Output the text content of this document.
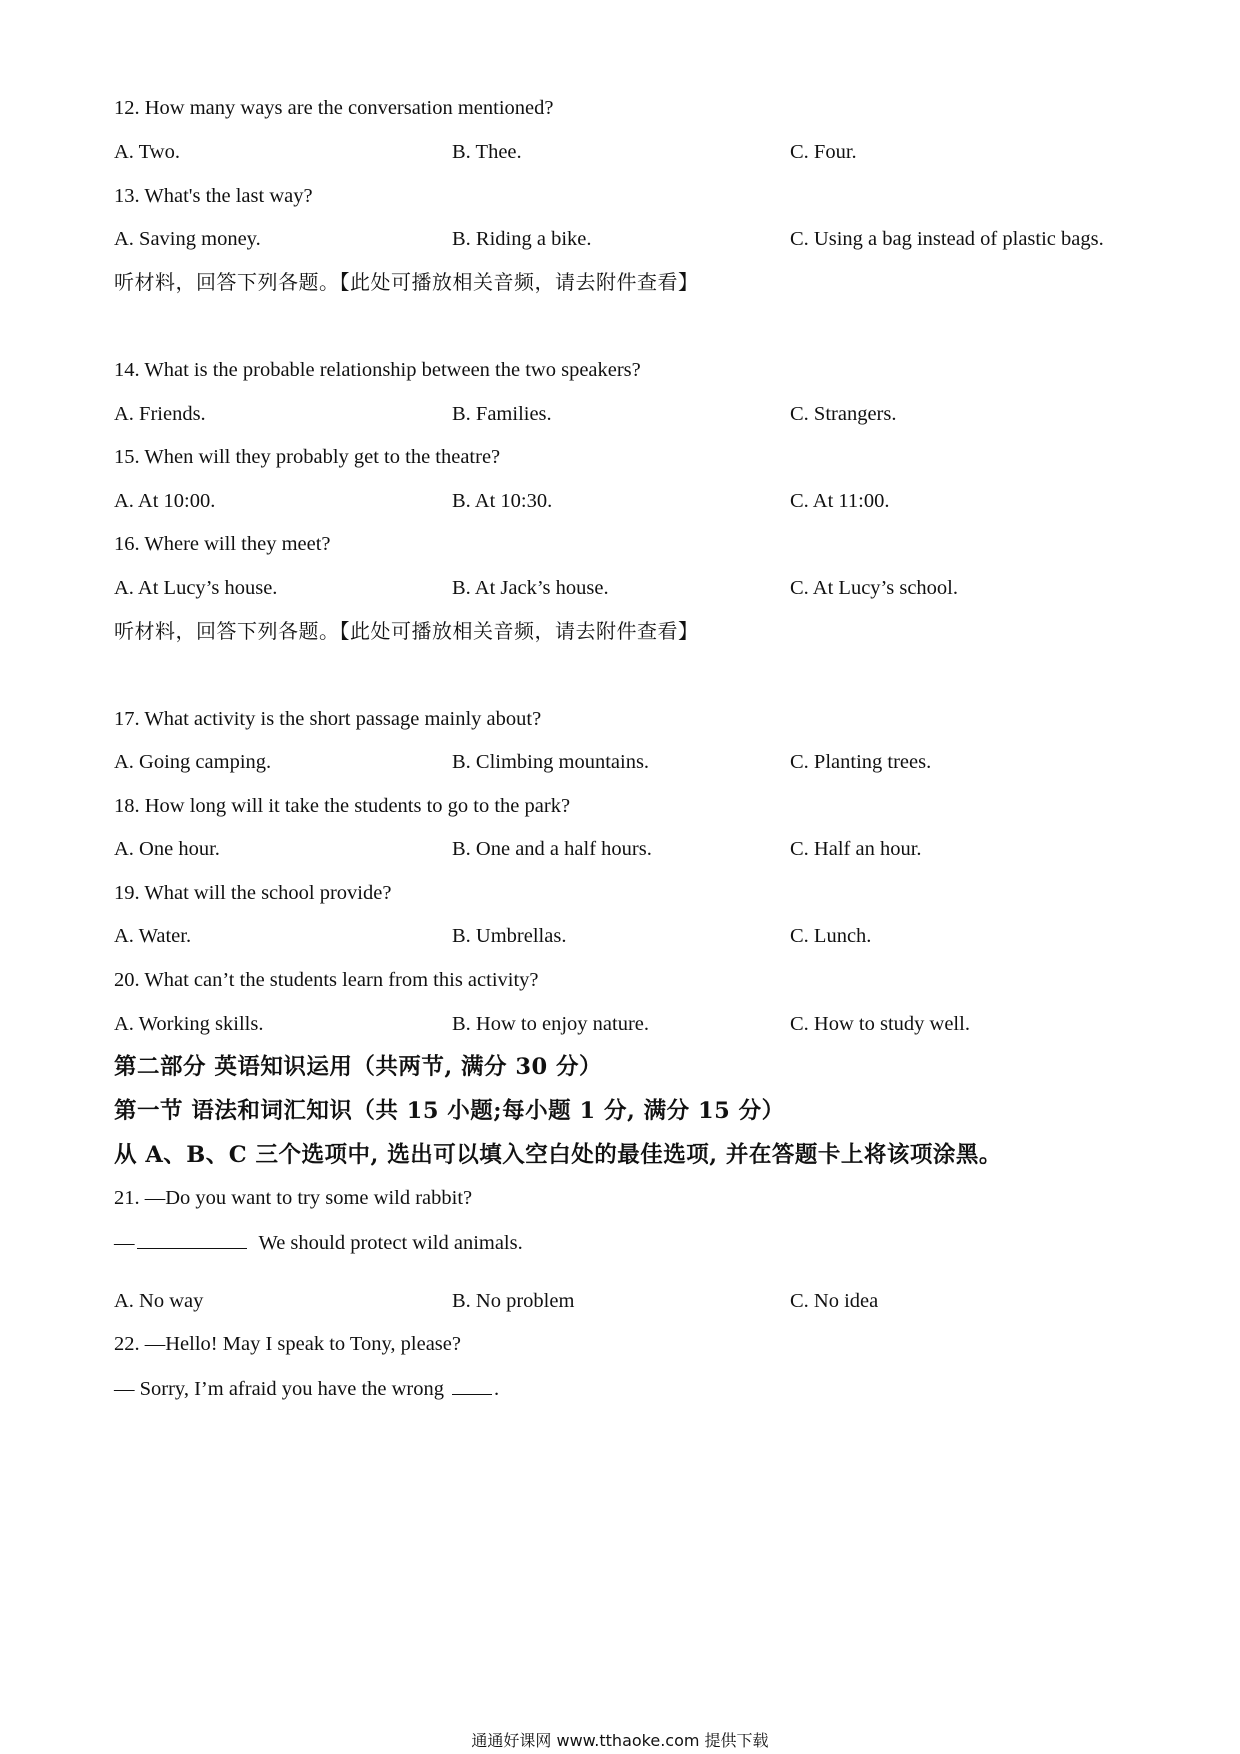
12. How many ways are the conversation mentioned?
A. Two.	B. Thee.	C. Four.
13. What's the last way?
A. Saving money.	B. Riding a bike.	C. Using a bag instead of plastic bags.
听材料，回答下列各题。【此处可播放相关音频，请去附件查看】
14. What is the probable relationship between the two speakers?
A. Friends.	B. Families.	C. Strangers.
15. When will they probably get to the theatre?
A. At 10:00.	B. At 10:30.	C. At 11:00.
16. Where will they meet?
A. At Lucy’s house.	B. At Jack’s house.	C. At Lucy’s school.
听材料，回答下列各题。【此处可播放相关音频，请去附件查看】
17. What activity is the short passage mainly about?
A. Going camping.	B. Climbing mountains.	C. Planting trees.
18. How long will it take the students to go to the park?
A. One hour.	B. One and a half hours.	C. Half an hour.
19. What will the school provide?
A. Water.	B. Umbrellas.	C. Lunch.
20. What can’t the students learn from this activity?
A. Working skills.	B. How to enjoy nature.	C. How to study well.
第二部分 英语知识运用（共两节, 满分 30 分）
第一节 语法和词汇知识（共 15 小题;每小题 1 分, 满分 15 分）
从 A、B、C 三个选项中, 选出可以填入空白处的最佳选项, 并在答题卡上将该项涂黑。
21. —Do you want to try some wild rabbit?
—	We should protect wild animals.
A. No way	B. No problem	C. No idea
22. —Hello! May I speak to Tony, please?
— Sorry, I’m afraid you have the wrong .
通通好课网 www.tthaoke.com 提供下载
